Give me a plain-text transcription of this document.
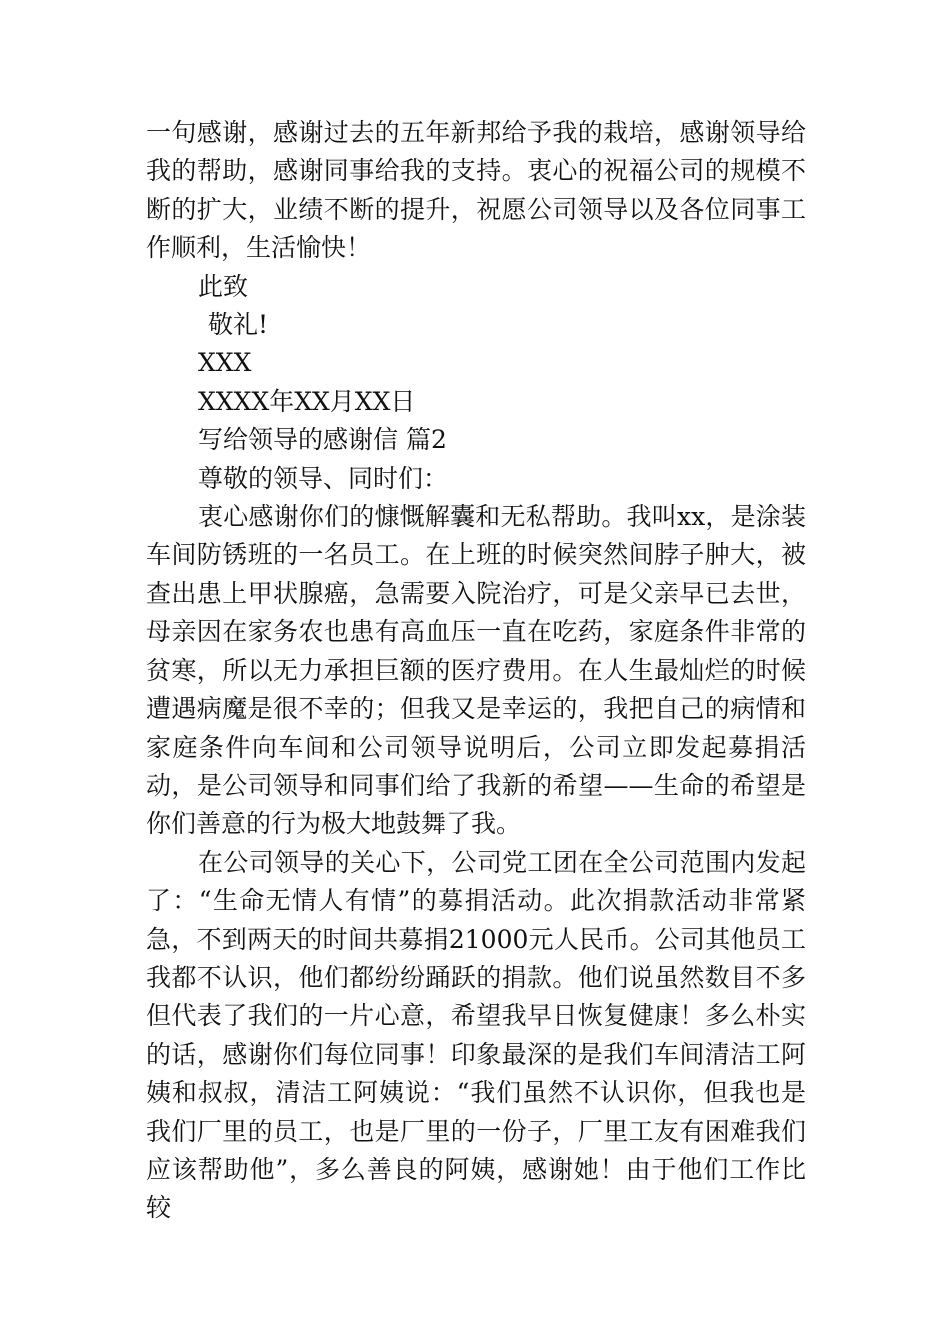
一句感谢，感谢过去的五年新邦给予我的栽培，感谢领导给我的帮助，感谢同事给我的支持。衷心的祝福公司的规模不断的扩大，业绩不断的提升，祝愿公司领导以及各位同事工作顺利，生活愉快！

此致

敬礼!

XXX

XXXX年XX月XX日

写给领导的感谢信 篇2

尊敬的领导、同时们：

衷心感谢你们的慷慨解囊和无私帮助。我叫xx，是涂装车间防锈班的一名员工。在上班的时候突然间脖子肿大，被查出患上甲状腺癌，急需要入院治疗，可是父亲早已去世，母亲因在家务农也患有高血压一直在吃药，家庭条件非常的贫寒，所以无力承担巨额的医疗费用。在人生最灿烂的时候遭遇病魔是很不幸的；但我又是幸运的，我把自己的病情和家庭条件向车间和公司领导说明后，公司立即发起募捐活动，是公司领导和同事们给了我新的希望——生命的希望是你们善意的行为极大地鼓舞了我。

在公司领导的关心下，公司党工团在全公司范围内发起了：“生命无情人有情”的募捐活动。此次捐款活动非常紧急，不到两天的时间共募捐21000元人民币。公司其他员工我都不认识，他们都纷纷踊跃的捐款。他们说虽然数目不多但代表了我们的一片心意，希望我早日恢复健康！多么朴实的话，感谢你们每位同事！印象最深的是我们车间清洁工阿姨和叔叔，清洁工阿姨说：“我们虽然不认识你，但我也是我们厂里的员工，也是厂里的一份子，厂里工友有困难我们应该帮助他”，多么善良的阿姨，感谢她！由于他们工作比较
